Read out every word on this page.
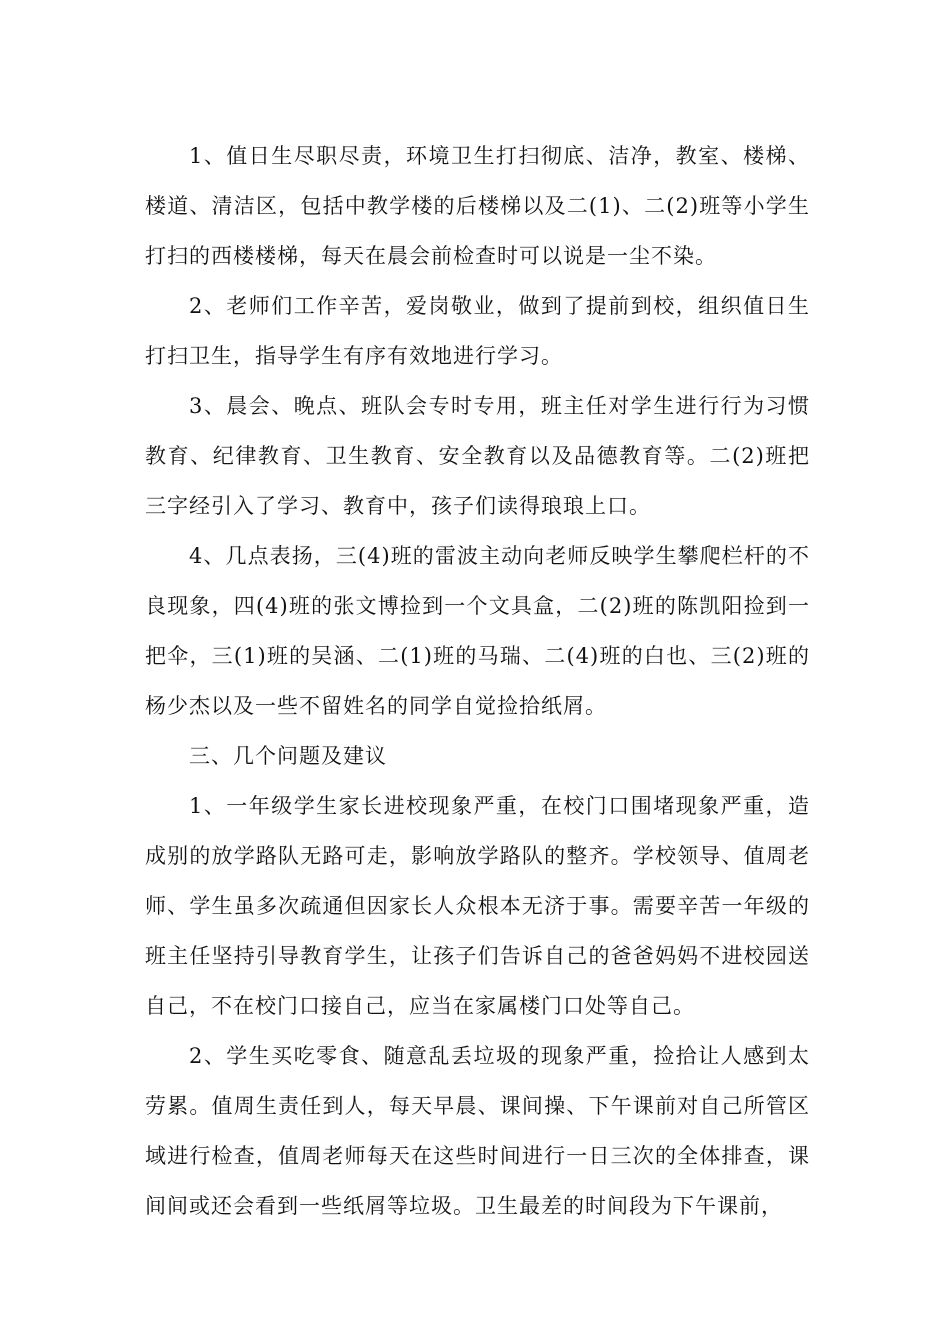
1、值日生尽职尽责，环境卫生打扫彻底、洁净，教室、楼梯、楼道、清洁区，包括中教学楼的后楼梯以及二(1)、二(2)班等小学生打扫的西楼楼梯，每天在晨会前检查时可以说是一尘不染。

2、老师们工作辛苦，爱岗敬业，做到了提前到校，组织值日生打扫卫生，指导学生有序有效地进行学习。

3、晨会、晚点、班队会专时专用，班主任对学生进行行为习惯教育、纪律教育、卫生教育、安全教育以及品德教育等。二(2)班把三字经引入了学习、教育中，孩子们读得琅琅上口。

4、几点表扬，三(4)班的雷波主动向老师反映学生攀爬栏杆的不良现象，四(4)班的张文博捡到一个文具盒，二(2)班的陈凯阳捡到一把伞，三(1)班的吴涵、二(1)班的马瑞、二(4)班的白也、三(2)班的杨少杰以及一些不留姓名的同学自觉捡拾纸屑。

三、几个问题及建议

1、一年级学生家长进校现象严重，在校门口围堵现象严重，造成别的放学路队无路可走，影响放学路队的整齐。学校领导、值周老师、学生虽多次疏通但因家长人众根本无济于事。需要辛苦一年级的班主任坚持引导教育学生，让孩子们告诉自己的爸爸妈妈不进校园送自己，不在校门口接自己，应当在家属楼门口处等自己。

2、学生买吃零食、随意乱丢垃圾的现象严重，捡拾让人感到太劳累。值周生责任到人，每天早晨、课间操、下午课前对自己所管区域进行检查，值周老师每天在这些时间进行一日三次的全体排查，课间间或还会看到一些纸屑等垃圾。卫生最差的时间段为下午课前，
